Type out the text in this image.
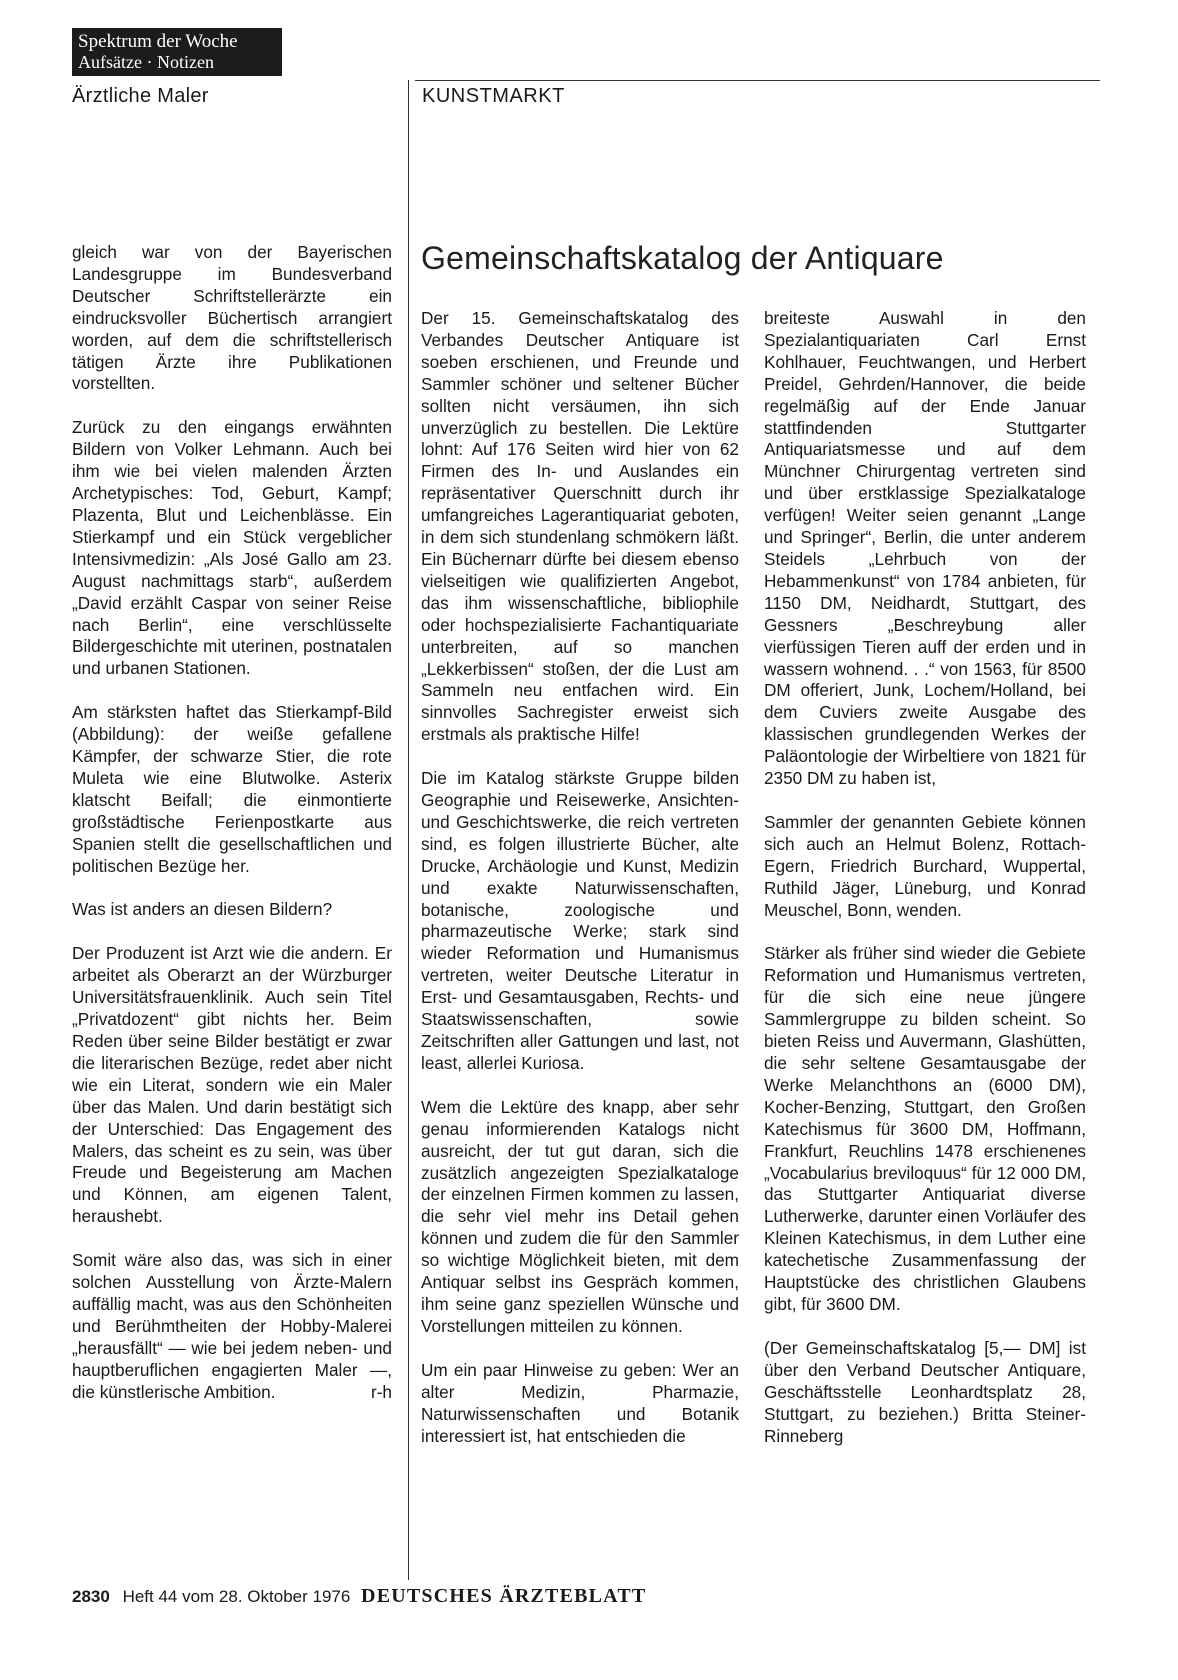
Spektrum der Woche
Aufsätze · Notizen
Ärztliche Maler	KUNSTMARKT
Gemeinschaftskatalog der Antiquare

gleich war von der Bayerischen Landesgruppe im Bundesverband Deutscher Schriftstellerärzte ein eindrucksvoller Büchertisch arrangiert worden, auf dem die schriftstellerisch tätigen Ärzte ihre Publikationen vorstellten.

Zurück zu den eingangs erwähnten Bildern von Volker Lehmann. Auch bei ihm wie bei vielen malenden Ärzten Archetypisches: Tod, Geburt, Kampf; Plazenta, Blut und Leichenblässe. Ein Stierkampf und ein Stück vergeblicher Intensivmedizin: „Als José Gallo am 23. August nachmittags starb“, außerdem „David erzählt Caspar von seiner Reise nach Berlin“, eine verschlüsselte Bildergeschichte mit uterinen, postnatalen und urbanen Stationen.

Am stärksten haftet das Stierkampf-Bild (Abbildung): der weiße gefallene Kämpfer, der schwarze Stier, die rote Muleta wie eine Blutwolke. Asterix klatscht Beifall; die einmontierte großstädtische Ferienpostkarte aus Spanien stellt die gesellschaftlichen und politischen Bezüge her.

Was ist anders an diesen Bildern?

Der Produzent ist Arzt wie die andern. Er arbeitet als Oberarzt an der Würzburger Universitätsfrauenklinik. Auch sein Titel „Privatdozent“ gibt nichts her. Beim Reden über seine Bilder bestätigt er zwar die literarischen Bezüge, redet aber nicht wie ein Literat, sondern wie ein Maler über das Malen. Und darin bestätigt sich der Unterschied: Das Engagement des Malers, das scheint es zu sein, was über Freude und Begeisterung am Machen und Können, am eigenen Talent, heraushebt.

Somit wäre also das, was sich in einer solchen Ausstellung von Ärzte-Malern auffällig macht, was aus den Schönheiten und Berühmtheiten der Hobby-Malerei „herausfällt“ — wie bei jedem neben- und hauptberuflichen engagierten Maler —, die künstlerische Ambition.	r-h

Der 15. Gemeinschaftskatalog des Verbandes Deutscher Antiquare ist soeben erschienen, und Freunde und Sammler schöner und seltener Bücher sollten nicht versäumen, ihn sich unverzüglich zu bestellen. Die Lektüre lohnt: Auf 176 Seiten wird hier von 62 Firmen des In- und Auslandes ein repräsentativer Querschnitt durch ihr umfangreiches Lagerantiquariat geboten, in dem sich stundenlang schmökern läßt. Ein Büchernarr dürfte bei diesem ebenso vielseitigen wie qualifizierten Angebot, das ihm wissenschaftliche, bibliophile oder hochspezialisierte Fachantiquariate unterbreiten, auf so manchen „Lekkerbissen“ stoßen, der die Lust am Sammeln neu entfachen wird. Ein sinnvolles Sachregister erweist sich erstmals als praktische Hilfe!

Die im Katalog stärkste Gruppe bilden Geographie und Reisewerke, Ansichten- und Geschichtswerke, die reich vertreten sind, es folgen illustrierte Bücher, alte Drucke, Archäologie und Kunst, Medizin und exakte Naturwissenschaften, botanische, zoologische und pharmazeutische Werke; stark sind wieder Reformation und Humanismus vertreten, weiter Deutsche Literatur in Erst- und Gesamtausgaben, Rechts- und Staatswissenschaften, sowie Zeitschriften aller Gattungen und last, not least, allerlei Kuriosa.

Wem die Lektüre des knapp, aber sehr genau informierenden Katalogs nicht ausreicht, der tut gut daran, sich die zusätzlich angezeigten Spezialkataloge der einzelnen Firmen kommen zu lassen, die sehr viel mehr ins Detail gehen können und zudem die für den Sammler so wichtige Möglichkeit bieten, mit dem Antiquar selbst ins Gespräch kommen, ihm seine ganz speziellen Wünsche und Vorstellungen mitteilen zu können.

Um ein paar Hinweise zu geben: Wer an alter Medizin, Pharmazie, Naturwissenschaften und Botanik interessiert ist, hat entschieden die

breiteste Auswahl in den Spezialantiquariaten Carl Ernst Kohlhauer, Feuchtwangen, und Herbert Preidel, Gehrden/Hannover, die beide regelmäßig auf der Ende Januar stattfindenden Stuttgarter Antiquariatsmesse und auf dem Münchner Chirurgentag vertreten sind und über erstklassige Spezialkataloge verfügen! Weiter seien genannt „Lange und Springer“, Berlin, die unter anderem Steidels „Lehrbuch von der Hebammenkunst“ von 1784 anbieten, für 1150 DM, Neidhardt, Stuttgart, des Gessners „Beschreybung aller vierfüssigen Tieren auff der erden und in wassern wohnend. . .“ von 1563, für 8500 DM offeriert, Junk, Lochem/Holland, bei dem Cuviers zweite Ausgabe des klassischen grundlegenden Werkes der Paläontologie der Wirbeltiere von 1821 für 2350 DM zu haben ist,

Sammler der genannten Gebiete können sich auch an Helmut Bolenz, Rottach-Egern, Friedrich Burchard, Wuppertal, Ruthild Jäger, Lüneburg, und Konrad Meuschel, Bonn, wenden.

Stärker als früher sind wieder die Gebiete Reformation und Humanismus vertreten, für die sich eine neue jüngere Sammlergruppe zu bilden scheint. So bieten Reiss und Auvermann, Glashütten, die sehr seltene Gesamtausgabe der Werke Melanchthons an (6000 DM), Kocher-Benzing, Stuttgart, den Großen Katechismus für 3600 DM, Hoffmann, Frankfurt, Reuchlins 1478 erschienenes „Vocabularius breviloquus“ für 12 000 DM, das Stuttgarter Antiquariat diverse Lutherwerke, darunter einen Vorläufer des Kleinen Katechismus, in dem Luther eine katechetische Zusammenfassung der Hauptstücke des christlichen Glaubens gibt, für 3600 DM.

(Der Gemeinschaftskatalog [5,— DM] ist über den Verband Deutscher Antiquare, Geschäftsstelle Leonhardtsplatz 28, Stuttgart, zu beziehen.) Britta Steiner-Rinneberg

2830 Heft 44 vom 28. Oktober 1976 DEUTSCHES ÄRZTEBLATT
